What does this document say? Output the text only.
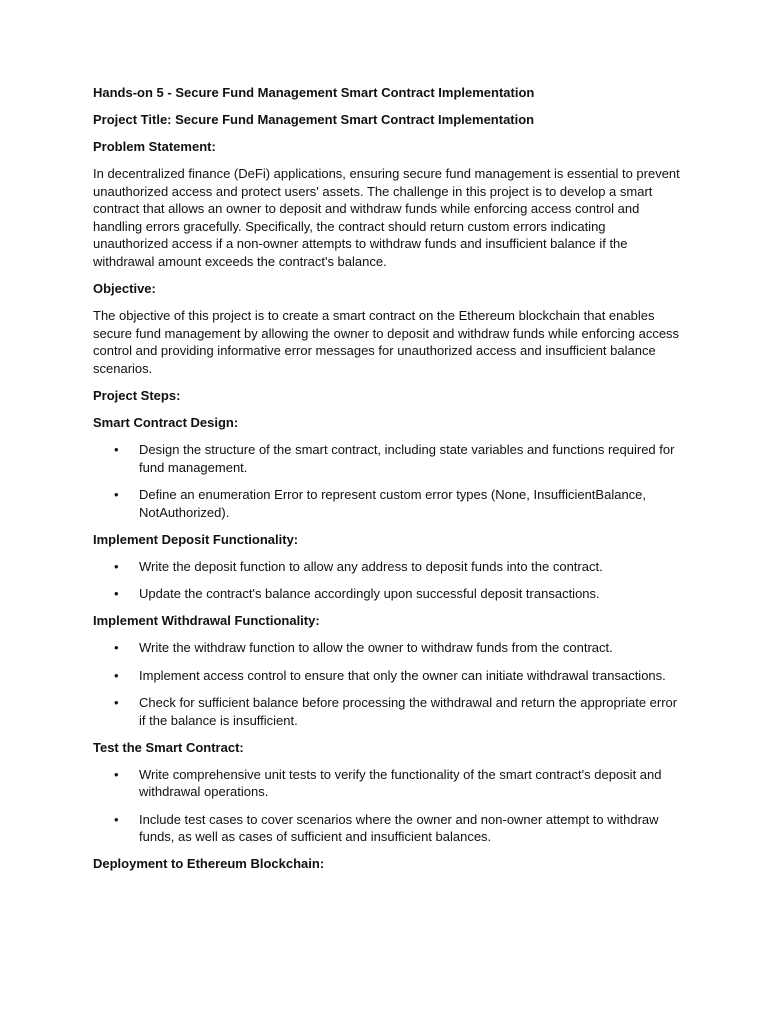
Hands-on 5 - Secure Fund Management Smart Contract Implementation
Project Title: Secure Fund Management Smart Contract Implementation
Problem Statement:
In decentralized finance (DeFi) applications, ensuring secure fund management is essential to prevent unauthorized access and protect users' assets. The challenge in this project is to develop a smart contract that allows an owner to deposit and withdraw funds while enforcing access control and handling errors gracefully. Specifically, the contract should return custom errors indicating unauthorized access if a non-owner attempts to withdraw funds and insufficient balance if the withdrawal amount exceeds the contract's balance.
Objective:
The objective of this project is to create a smart contract on the Ethereum blockchain that enables secure fund management by allowing the owner to deposit and withdraw funds while enforcing access control and providing informative error messages for unauthorized access and insufficient balance scenarios.
Project Steps:
Smart Contract Design:
• Design the structure of the smart contract, including state variables and functions required for fund management.
• Define an enumeration Error to represent custom error types (None, InsufficientBalance, NotAuthorized).
Implement Deposit Functionality:
• Write the deposit function to allow any address to deposit funds into the contract.
• Update the contract's balance accordingly upon successful deposit transactions.
Implement Withdrawal Functionality:
• Write the withdraw function to allow the owner to withdraw funds from the contract.
• Implement access control to ensure that only the owner can initiate withdrawal transactions.
• Check for sufficient balance before processing the withdrawal and return the appropriate error if the balance is insufficient.
Test the Smart Contract:
• Write comprehensive unit tests to verify the functionality of the smart contract's deposit and withdrawal operations.
• Include test cases to cover scenarios where the owner and non-owner attempt to withdraw funds, as well as cases of sufficient and insufficient balances.
Deployment to Ethereum Blockchain:
